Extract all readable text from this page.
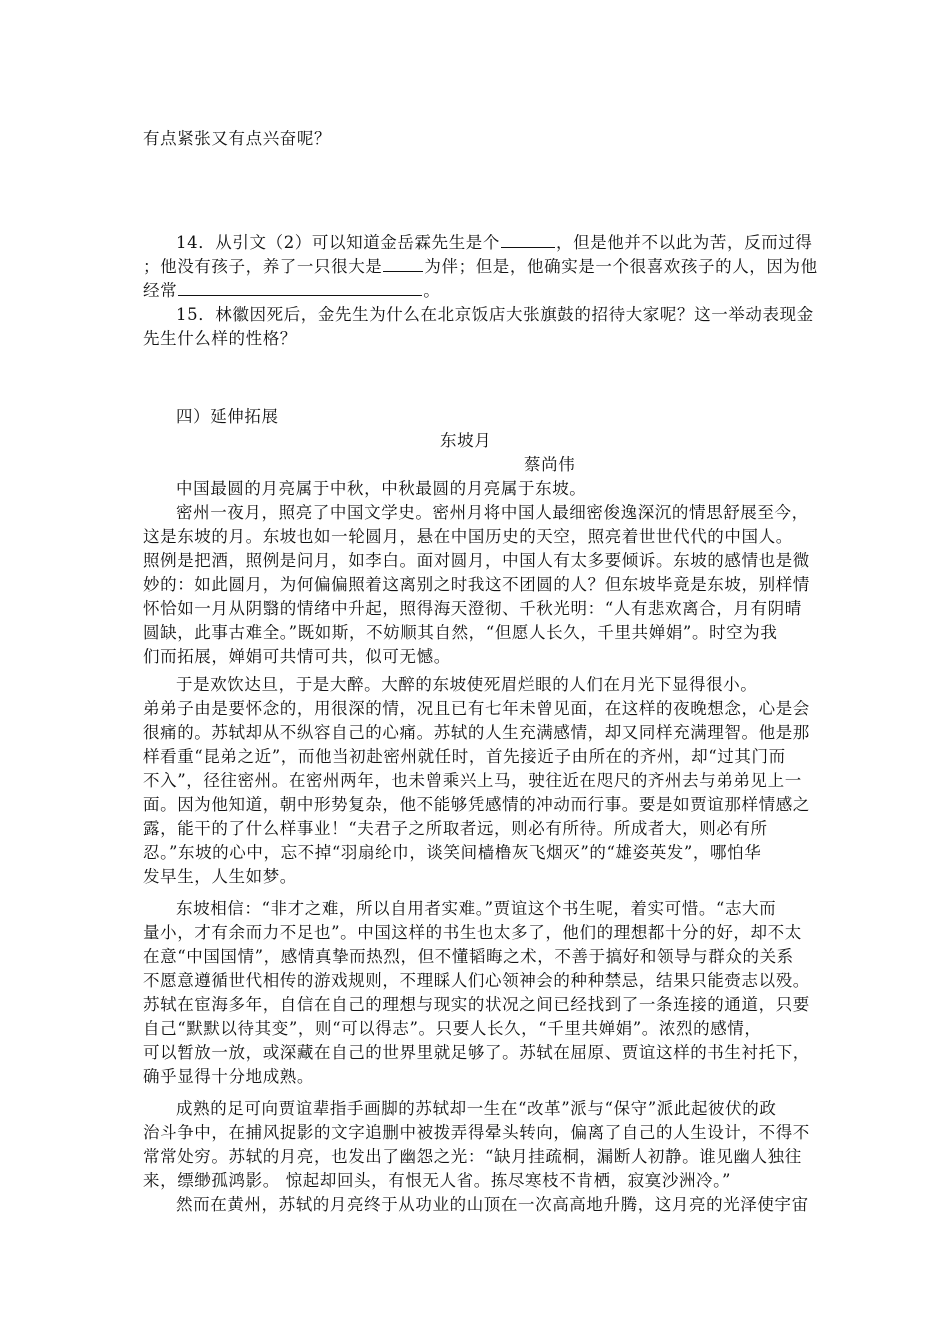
有点紧张又有点兴奋呢？
14．从引文（2）可以知道金岳霖先生是个	，但是他并不以此为苦，反而过得
；他没有孩子，养了一只很大是	为伴；但是，他确实是一个很喜欢孩子的人，因为他
经常	。
15．林徽因死后，金先生为什么在北京饭店大张旗鼓的招待大家呢？这一举动表现金
先生什么样的性格？
四）延伸拓展
东坡月
蔡尚伟
中国最圆的月亮属于中秋，中秋最圆的月亮属于东坡。
密州一夜月，照亮了中国文学史。密州月将中国人最细密俊逸深沉的情思舒展至今，
这是东坡的月。东坡也如一轮圆月，悬在中国历史的天空，照亮着世世代代的中国人。
照例是把酒，照例是问月，如李白。面对圆月，中国人有太多要倾诉。东坡的感情也是微
妙的：如此圆月，为何偏偏照着这离别之时我这不团圆的人？但东坡毕竟是东坡，别样情
怀恰如一月从阴翳的情绪中升起，照得海天澄彻、千秋光明：“人有悲欢离合，月有阴晴
圆缺，此事古难全。”既如斯，不妨顺其自然，“但愿人长久，千里共婵娟”。时空为我
们而拓展，婵娟可共情可共，似可无憾。
于是欢饮达旦，于是大醉。大醉的东坡使死眉烂眼的人们在月光下显得很小。
弟弟子由是要怀念的，用很深的情，况且已有七年未曾见面，在这样的夜晚想念，心是会
很痛的。苏轼却从不纵容自己的心痛。苏轼的人生充满感情，却又同样充满理智。他是那
样看重“昆弟之近”，而他当初赴密州就任时，首先接近子由所在的齐州，却“过其门而
不入”，径往密州。在密州两年，也未曾乘兴上马，驶往近在咫尺的齐州去与弟弟见上一
面。因为他知道，朝中形势复杂，他不能够凭感情的冲动而行事。要是如贾谊那样情感之
露，能干的了什么样事业！“夫君子之所取者远，则必有所待。所成者大，则必有所
忍。”东坡的心中，忘不掉“羽扇纶巾，谈笑间樯橹灰飞烟灭”的“雄姿英发”，哪怕华
发早生，人生如梦。
东坡相信：“非才之难，所以自用者实难。”贾谊这个书生呢，着实可惜。“志大而
量小，才有余而力不足也”。中国这样的书生也太多了，他们的理想都十分的好，却不太
在意“中国国情”，感情真挚而热烈，但不懂韬晦之术，不善于搞好和领导与群众的关系
不愿意遵循世代相传的游戏规则，不理睬人们心领神会的种种禁忌，结果只能赍志以殁。
苏轼在宦海多年，自信在自己的理想与现实的状况之间已经找到了一条连接的通道，只要
自己“默默以待其变”，则“可以得志”。只要人长久，“千里共婵娟”。浓烈的感情，
可以暂放一放，或深藏在自己的世界里就足够了。苏轼在屈原、贾谊这样的书生衬托下，
确乎显得十分地成熟。
成熟的足可向贾谊辈指手画脚的苏轼却一生在“改革”派与“保守”派此起彼伏的政
治斗争中，在捕风捉影的文字追删中被拨弄得晕头转向，偏离了自己的人生设计，不得不
常常处穷。苏轼的月亮，也发出了幽怨之光：“缺月挂疏桐，漏断人初静。谁见幽人独往
来，缥缈孤鸿影。 惊起却回头，有恨无人省。拣尽寒枝不肯栖，寂寞沙洲冷。”
然而在黄州，苏轼的月亮终于从功业的山顶在一次高高地升腾，这月亮的光泽使宇宙
